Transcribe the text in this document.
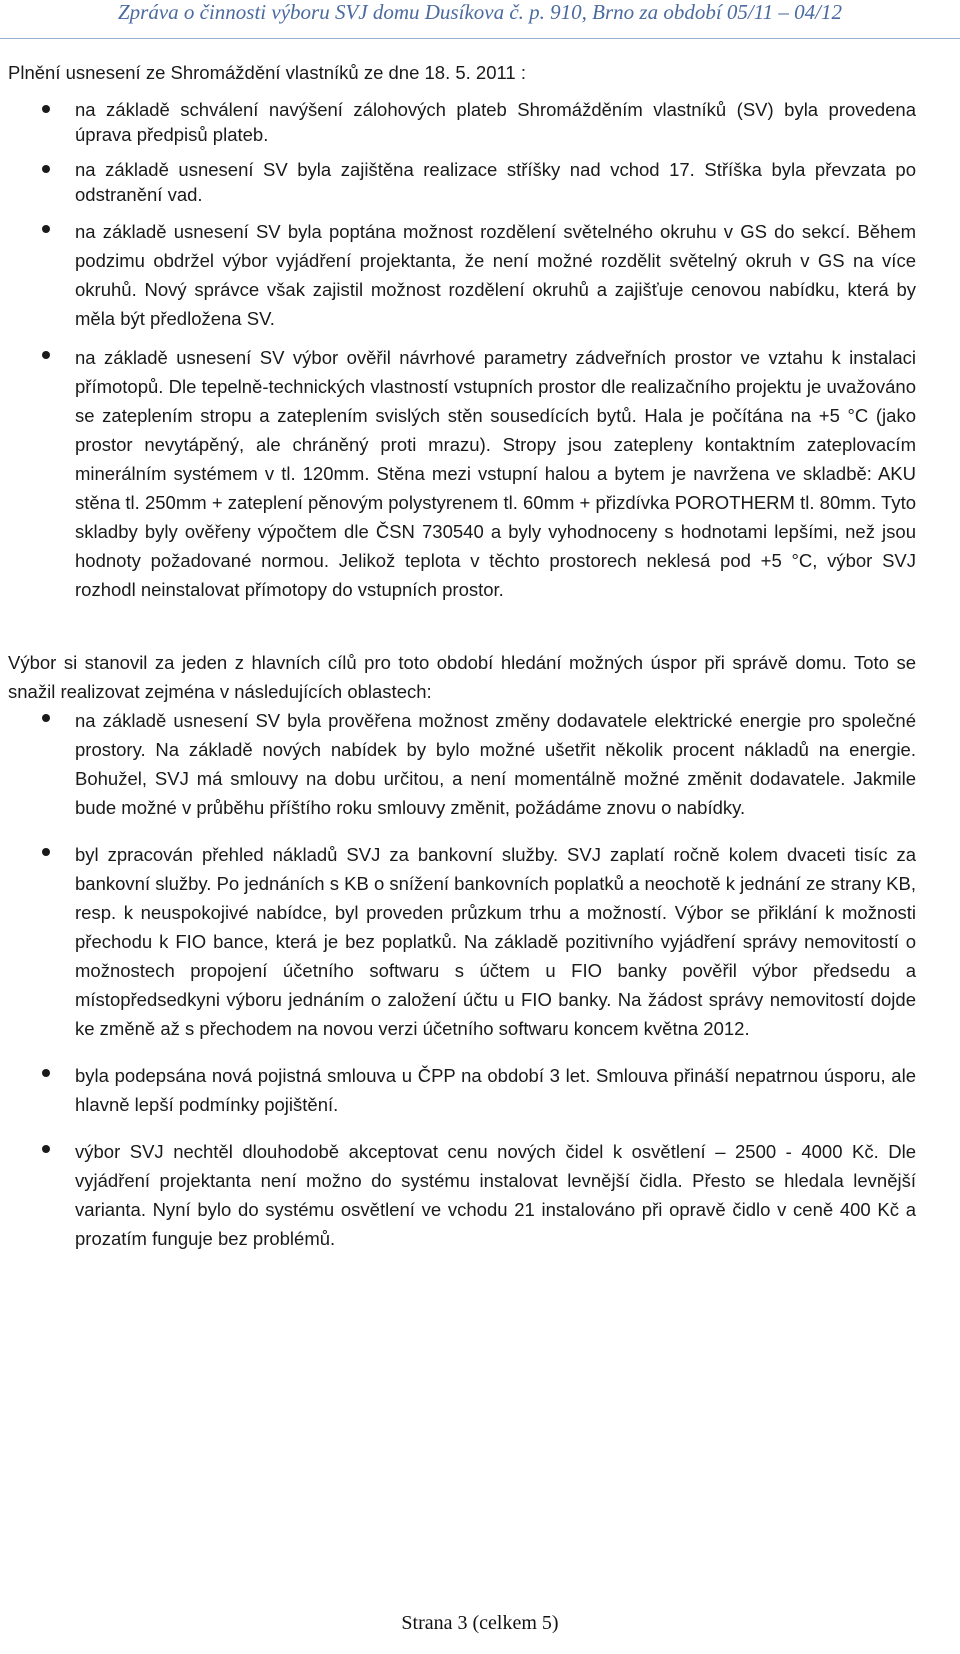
Zpráva o činnosti výboru SVJ domu Dusíkova č. p. 910, Brno za období 05/11 – 04/12

Plnění usnesení ze Shromáždění vlastníků ze dne 18. 5. 2011 :

na základě schválení navýšení zálohových plateb Shromážděním vlastníků (SV) byla provedena úprava předpisů plateb.
na základě usnesení SV byla zajištěna realizace stříšky nad vchod 17. Stříška byla převzata po odstranění vad.
na základě usnesení SV byla poptána možnost rozdělení světelného okruhu v GS do sekcí. Během podzimu obdržel výbor vyjádření projektanta, že není možné rozdělit světelný okruh v GS na více okruhů. Nový správce však zajistil možnost rozdělení okruhů a zajišťuje cenovou nabídku, která by měla být předložena SV.
na základě usnesení SV výbor ověřil návrhové parametry zádveřních prostor ve vztahu k instalaci přímotopů. Dle tepelně-technických vlastností vstupních prostor dle realizačního projektu je uvažováno se zateplením stropu a zateplením svislých stěn sousedících bytů. Hala je počítána na +5 °C (jako prostor nevytápěný, ale chráněný proti mrazu). Stropy jsou zatepleny kontaktním zateplovacím minerálním systémem v tl. 120mm. Stěna mezi vstupní halou a bytem je navržena ve skladbě: AKU stěna tl. 250mm + zateplení pěnovým polystyrenem tl. 60mm + přizdívka POROTHERM tl. 80mm. Tyto skladby byly ověřeny výpočtem dle ČSN 730540 a byly vyhodnoceny s hodnotami lepšími, než jsou hodnoty požadované normou. Jelikož teplota v těchto prostorech neklesá pod +5 °C, výbor SVJ rozhodl neinstalovat přímotopy do vstupních prostor.

Výbor si stanovil za jeden z hlavních cílů pro toto období hledání možných úspor při správě domu. Toto se snažil realizovat zejména v následujících oblastech:

na základě usnesení SV byla prověřena možnost změny dodavatele elektrické energie pro společné prostory. Na základě nových nabídek by bylo možné ušetřit několik procent nákladů na energie. Bohužel, SVJ má smlouvy na dobu určitou, a není momentálně možné změnit dodavatele. Jakmile bude možné v průběhu příštího roku smlouvy změnit, požádáme znovu o nabídky.
byl zpracován přehled nákladů SVJ za bankovní služby. SVJ zaplatí ročně kolem dvaceti tisíc za bankovní služby. Po jednáních s KB o snížení bankovních poplatků a neochotě k jednání ze strany KB, resp. k neuspokojivé nabídce, byl proveden průzkum trhu a možností. Výbor se přiklání k možnosti přechodu k FIO bance, která je bez poplatků. Na základě pozitivního vyjádření správy nemovitostí o možnostech propojení účetního softwaru s účtem u FIO banky pověřil výbor předsedu a místopředsedkyni výboru jednáním o založení účtu u FIO banky. Na žádost správy nemovitostí dojde ke změně až s přechodem na novou verzi účetního softwaru koncem května 2012.
byla podepsána nová pojistná smlouva u ČPP na období 3 let. Smlouva přináší nepatrnou úsporu, ale hlavně lepší podmínky pojištění.
výbor SVJ nechtěl dlouhodobě akceptovat cenu nových čidel k osvětlení – 2500 - 4000 Kč. Dle vyjádření projektanta není možno do systému instalovat levnější čidla. Přesto se hledala levnější varianta. Nyní bylo do systému osvětlení ve vchodu 21 instalováno při opravě čidlo v ceně 400 Kč a prozatím funguje bez problémů.
Strana 3 (celkem 5)
